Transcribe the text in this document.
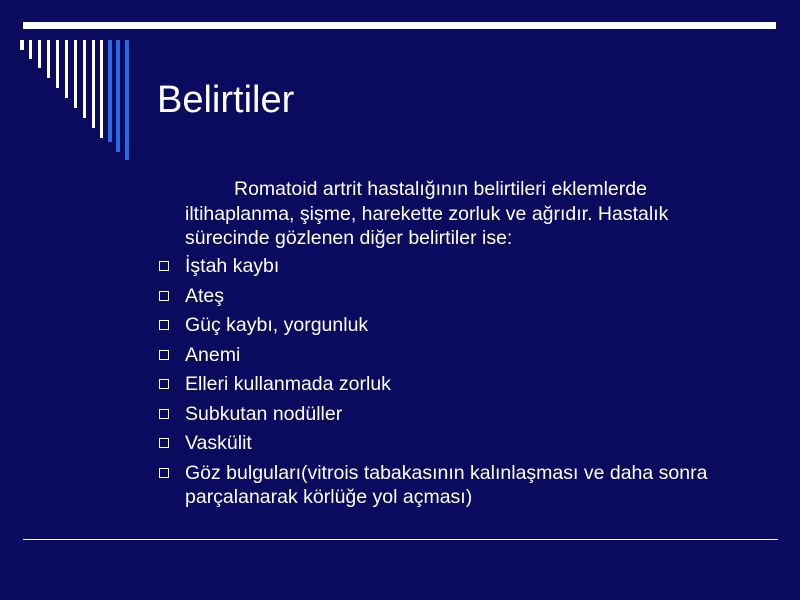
Belirtiler
Romatoid artrit hastalığının belirtileri eklemlerde iltihaplanma, şişme, harekette zorluk ve ağrıdır. Hastalık sürecinde gözlenen diğer belirtiler ise:
İştah kaybı
Ateş
Güç kaybı, yorgunluk
Anemi
Elleri kullanmada zorluk
Subkutan nodüller
Vaskülit
Göz bulguları(vitrois tabakasının kalınlaşması ve daha sonra parçalanarak körlüğe yol açması)
